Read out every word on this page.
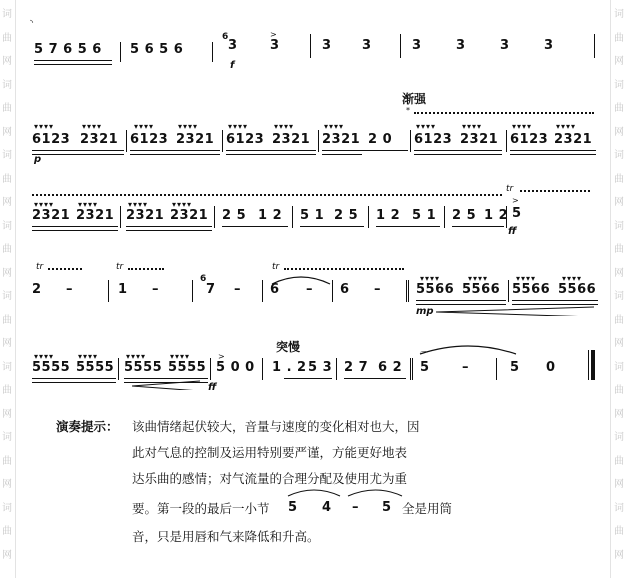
词
曲
网
词
曲
网
词
曲
网
词
曲
网
词
曲
网
词
曲
网
词
曲
网
词
曲
网
词
曲
网
词
曲
网
词
曲
网
词
曲
网
词
曲
网
词
曲
网
词
曲
网
词
曲
网
◝
5 7 6 5 6 5 6 5 6
6
3
>
3
f
3 3	3	3	3	3
渐强
*
▾▾▾▾
6123
▾▾▾▾
2321
p
▾▾▾▾
6123
▾▾▾▾
2321
▾▾▾▾
6123
▾▾▾▾
2321
▾▾▾▾
2321 2 0
▾▾▾▾
6123
▾▾▾▾
2321
▾▾▾▾
6123
▾▾▾▾
2321
tr
▾▾▾▾
2321
▾▾▾▾
2321
▾▾▾▾
2321
▾▾▾▾
2321 2 5 1 2 5 1 2 5 1 2 5 1 2 5 1 2
>
5
ff
tr	tr	tr
2 –	1 –
6
7 – 6 – 6 –
▾▾▾▾
5566
▾▾▾▾
5566
▾▾▾▾
5566
▾▾▾▾
5566
mp
突慢
▾▾▾▾
5555
▾▾▾▾
5555
▾▾▾▾
5555
▾▾▾▾
5555
>
5 0 0
ff
1 . 2 5 3 2 7 6 2
⌒
5 –	5 0
演奏提示： 该曲情绪起伏较大，音量与速度的变化相对也大，因
此对气息的控制及运用特别要严谨，方能更好地表
达乐曲的感情；对气流量的合理分配及使用尤为重
要。第一段的最后一小节 5 4 – 5 全是用筒
音，只是用唇和气来降低和升高。
